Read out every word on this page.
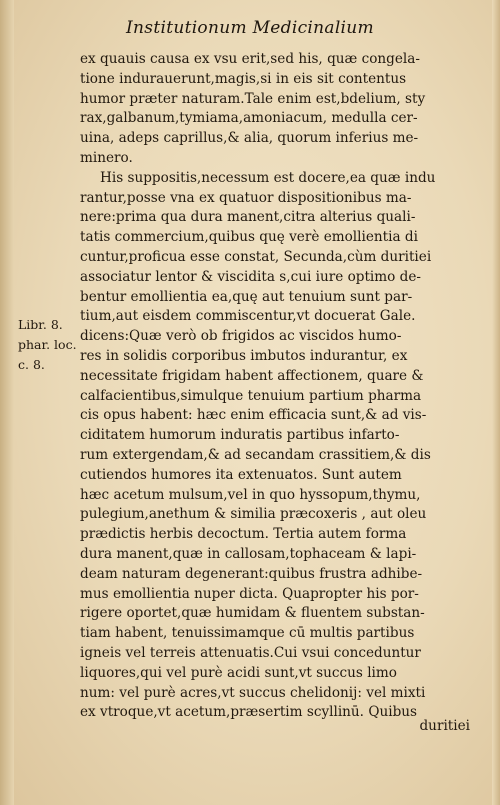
Institutionum Medicinalium
ex quauis causa ex vsu erit,sed his, quæ congela-
tione indurauerunt,magis,si in eis sit contentus
humor præter naturam.Tale enim est,bdelium, sty
rax,galbanum,tymiama,amoniacum, medulla cer-
uina, adeps caprillus,& alia, quorum inferius me-
minero.
His suppositis,necessum est docere,ea quæ indu
rantur,posse vna ex quatuor dispositionibus ma-
nere:prima qua dura manent,citra alterius quali-
tatis commercium,quibus quę verè emollientia di
cuntur,proficua esse constat, Secunda,cùm duritiei
associatur lentor & viscidita s,cui iure optimo de-
bentur emollientia ea,quę aut tenuium sunt par-
tium,aut eisdem commiscentur,vt docuerat Gale.
dicens:Quæ verò ob frigidos ac viscidos humo-
res in solidis corporibus imbutos indurantur, ex
necessitate frigidam habent affectionem, quare &
calfacientibus,simulque tenuium partium pharma
cis opus habent: hæc enim efficacia sunt,& ad vis-
ciditatem humorum induratis partibus infarto-
rum extergendam,& ad secandam crassitiem,& dis
cutiendos humores ita extenuatos. Sunt autem
hæc acetum mulsum,vel in quo hyssopum,thymu,
pulegium,anethum & similia præcoxeris , aut oleu
prædictis herbis decoctum. Tertia autem forma
dura manent,quæ in callosam,tophaceam & lapi-
deam naturam degenerant:quibus frustra adhibe-
mus emollientia nuper dicta. Quapropter his por-
rigere oportet,quæ humidam & fluentem substan-
tiam habent, tenuissimamque cū multis partibus
igneis vel terreis attenuatis.Cui vsui conceduntur
liquores,qui vel purè acidi sunt,vt succus limo
num: vel purè acres,vt succus chelidonij: vel mixti
ex vtroque,vt acetum,præsertim scyllinū. Quibus
Libr. 8.
phar. loc.
c. 8.
duritiei
